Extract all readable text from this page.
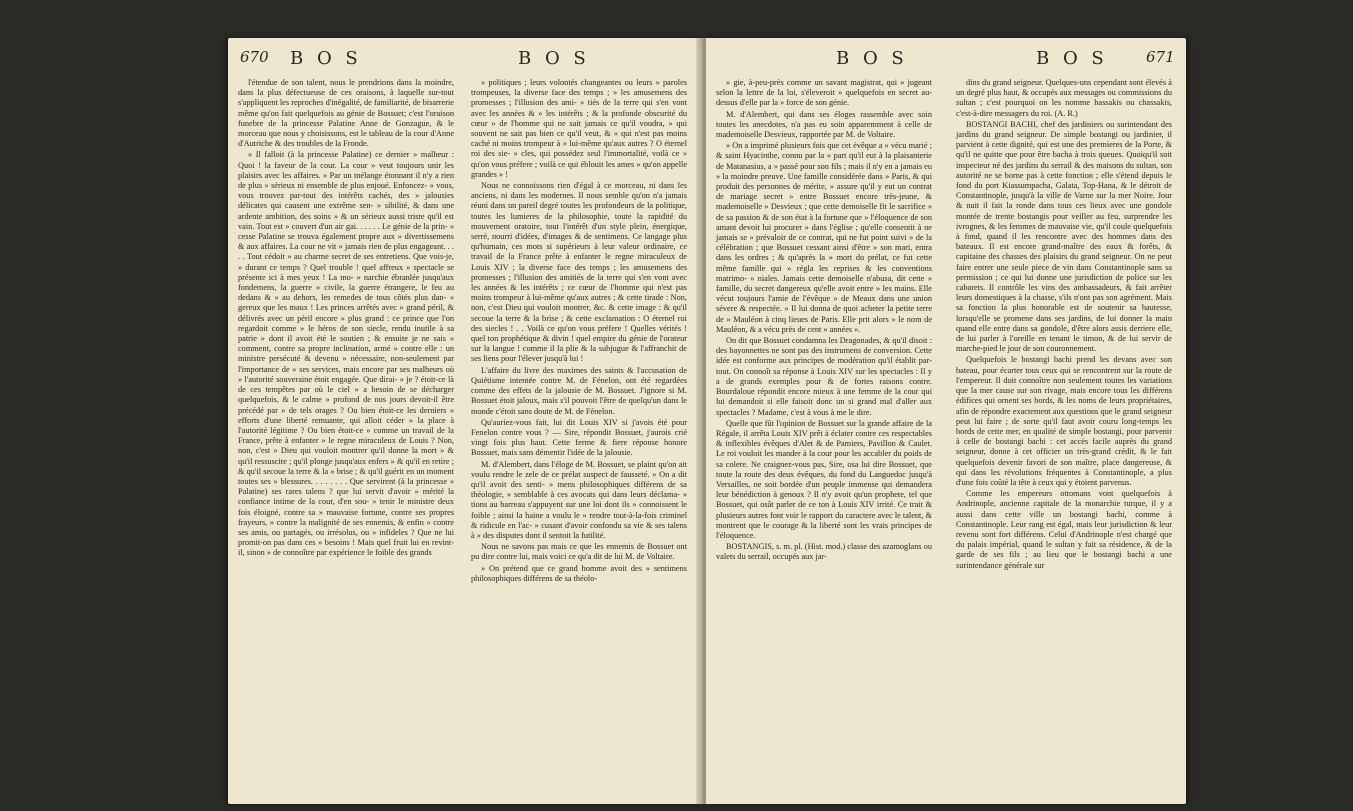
670 B O S	B O S

l'étendue de son talent, nous le prendrions dans la moindre, dans la plus défectueuse de ces oraisons, à laquelle sur-tout s'appliquent les reproches d'inégalité, de familiarité, de bisarrerie même qu'on fait quelquefois au génie de Bossuet; c'est l'oraison funebre de la princesse Palatine Anne de Gonzague, & le morceau que nous y choisissons, est le tableau de la cour d'Anne d'Autriche & des troubles de la Fronde.

» Il falloit (à la princesse Palatine) ce dernier » malheur : Quoi ! la faveur de la cour. La cour » veut toujours unir les plaisirs avec les affaires. » Par un mélange étonnant il n'y a rien de plus » sérieux ni ensemble de plus enjoué. Enfoncez- » vous, vous trouvez par-tout des intérêts cachés, des » jalousies délicates qui causent une extrême sen- » sibilité, & dans une ardente ambition, des soins » & un sérieux aussi triste qu'il est vain. Tout est » couvert d'un air gai. . . . . . Le génie de la prin- » cesse Palatine se trouva également propre aux » divertissemens & aux affaires. La cour ne vit » jamais rien de plus engageant. . . . . Tout cédoit » au charme secret de ses entretiens. Que vois-je, » durant ce temps ? Quel trouble ! quel affreux » spectacle se présente ici à mes yeux ! La mo- » narchie ébranlée jusqu'aux fondemens, la guerre » civile, la guerre étrangere, le feu au dedans & » au dehors, les remedes de tous côtés plus dan- » gereux que les maux ! Les princes arrêtés avec » grand péril, & délivrés avec un péril encore » plus grand : ce prince que l'on regardoit comme » le héros de son siecle, rendu inutile à sa patrie » dont il avoit été le soutien ; & ensuite je ne sais » comment, contre sa propre inclination, armé » contre elle : un ministre persécuté & devenu » nécessaire, non-seulement par l'importance de » ses services, mais encore par ses malheurs où » l'autorité souveraine étoit engagée. Que dirai- » je ? étoit-ce là de ces tempêtes par où le ciel » a besoin de se décharger quelquefois, & le calme » profond de nos jours devoit-il être précédé par » de tels orages ? Ou bien étoit-ce les derniers » efforts d'une liberté remuante, qui alloit céder » la place à l'autorité légitime ? Ou bien étoit-ce » comme un travail de la France, prête à enfanter » le regne miraculeux de Louis ? Non, non, c'est » Dieu qui vouloit montrer qu'il donne la mort » & qu'il ressuscite ; qu'il plonge jusqu'aux enfers » & qu'il en retire ; & qu'il secoue la terre & la » brise ; & qu'il guérit en un moment toutes ses » blessures. . . . . . . . Que servirent (à la princesse » Palatine) ses rares talens ? que lui servit d'avoir » mérité la confiance intime de la cour, d'en sou- » tenir le ministre deux fois éloigné, contre sa » mauvaise fortune, contre ses propres frayeurs, » contre la malignité de ses ennemis, & enfin » contre ses amis, ou partagés, ou irrésolus, ou » infideles ? Que ne lui promit-on pas dans ces » besoins ! Mais quel fruit lui en revint-il, sinon » de connoître par expérience le foible des grands

» politiques ; leurs volontés changeantes ou leurs » paroles trompeuses, la diverse face des temps ; » les amusemens des promesses ; l'illusion des ami- » tiés de la terre qui s'en vont avec les années & » les intérêts ; & la profonde obscurité du cœur » de l'homme qui ne sait jamais ce qu'il voudra, » qui souvent ne sait pas bien ce qu'il veut, & » qui n'est pas moins caché ni moins trompeur à » lui-même qu'aux autres ? O éternel roi des sie- » cles, qui possédez seul l'immortalité, voilà ce » qu'on vous préfere ; voilà ce qui éblouit les ames » qu'on appelle grandes » !

Nous ne connoissons rien d'égal à ce morceau, ni dans les anciens, ni dans les modernes. Il nous semble qu'on n'a jamais réuni dans un pareil degré toutes les profondeurs de la politique, toutes les lumieres de la philosophie, toute la rapidité du mouvement oratoire, tout l'intérêt d'un style plein, énergique, serré, nourri d'idées, d'images & de sentimens. Ce langage plus qu'humain, ces mots si supérieurs à leur valeur ordinaire, ce travail de la France prête à enfanter le regne miraculeux de Louis XIV ; la diverse face des temps ; les amusemens des promesses ; l'illusion des amitiés de la terre qui s'en vont avec les années & les intérêts ; ce cœur de l'homme qui n'est pas moins trompeur à lui-même qu'aux autres ; & cette tirade : Non, non, c'est Dieu qui vouloit montrer, &c. & cette image : & qu'il secoue la terre & la brise ; & cette exclamation : O éternel roi des siecles ! . . Voilà ce qu'on vous préfere ! Quelles vérités ! quel ton prophétique & divin ! quel empire du génie de l'orateur sur la langue ! comme il la plie & la subjugue & l'affranchit de ses liens pour l'élever jusqu'à lui !

L'affaire du livre des maximes des saints & l'accusation de Quiétisme intentée contre M. de Fénelon, ont été regardées comme des effets de la jalousie de M. Bossuet. J'ignore si M. Bossuet étoit jaloux, mais s'il pouvoit l'être de quelqu'un dans le monde c'étoit sans doute de M. de Fénelon.

Qu'auriez-vous fait, lui dit Louis XIV si j'avois été pour Fenelon contre vous ? — Sire, répondit Bossuet, j'aurois crié vingt fois plus haut. Cette ferme & fiere réponse honore Bossuet, mais sans démentir l'idée de la jalousie.

M. d'Alembert, dans l'éloge de M. Bossuet, se plaint qu'on ait voulu rendre le zele de ce prélat suspect de fausseté. » On a dit qu'il avoit des senti- » mens philosophiques différens de sa théologie, » semblable à ces avocats qui dans leurs déclama- » tions au barreau s'appuyent sur une loi dont ils » connoissent le foible ; ainsi la haine a voulu le » rendre tout-à-la-fois criminel & ridicule en l'ac- » cusant d'avoir confondu sa vie & ses talens à » des disputes dont il sentoit la futilité.

Nous ne savons pas mais ce que les ennemis de Bossuet ont pu dire contre lui, mais voici ce qu'a dit de lui M. de Voltaire.

» On prétend que ce grand homme avoit des » sentimens philosophiques différens de sa théolo-

B O S	B O S	671

» gie, à-peu-près comme un savant magistrat, qui » jugeant selon la lettre de la loi, s'éleveroit » quelquefois en secret au-dessus d'elle par la » force de son génie.

M. d'Alembert, qui dans ses éloges rassemble avec soin toutes les anecdotes, n'a pas eu soin apparemment à celle de mademoiselle Desvieux, rapportée par M. de Voltaire.

» On a imprimé plusieurs fois que cet évêque a » vécu marié ; & saint Hyacinthe, connu par la » part qu'il eut à la plaisanterie de Matanasius, a » passé pour son fils ; mais il n'y en a jamais eu » la moindre preuve. Une famille considérée dans » Paris, & qui produit des personnes de mérite, » assure qu'il y eut un contrat de mariage secret » entre Bossuet encore très-jeune, & mademoiselle » Desvieux ; que cette demoiselle fit le sacrifice » de sa passion & de son état à la fortune que » l'éloquence de son amant devoit lui procurer » dans l'église ; qu'elle consentit à ne jamais se » prévaloir de ce contrat, qui ne fut point suivi » de la célébration ; que Bossuet cessant ainsi d'être » son mari, entra dans les ordres ; & qu'après la » mort du prélat, ce fut cette même famille qui » régla les reprises & les conventions matrimo- » niales. Jamais cette demoiselle n'abusa, dit cette » famille, du secret dangereux qu'elle avoit entre » les mains. Elle vécut toujours l'amie de l'évêque » de Meaux dans une union sévere & respectée. » Il lui donna de quoi acheter la petite terre de » Mauléon à cinq lieues de Paris. Elle prit alors » le nom de Mauléon, & a vécu près de cent » années ».

On dit que Bossuet condamna les Dragonades, & qu'il disoit : des bayonnettes ne sont pas des instrumens de conversion. Cette idée est conforme aux principes de modération qu'il établit par-tout. On connoît sa réponse à Louis XIV sur les spectacles : Il y a de grands exemples pour & de fortes raisons contre. Bourdaloue répondit encore mieux à une femme de la cour qui lui demandoit si elle faisoit donc un si grand mal d'aller aux spectacles ? Madame, c'est à vous à me le dire.

Quelle que fût l'opinion de Bossuet sur la grande affaire de la Régale, il arrêta Louis XIV prêt à éclater contre ces respectables & inflexibles évêques d'Alet & de Pamiers, Pavillon & Caulet. Le roi vouloit les mander à la cour pour les accabler du poids de sa colere. Ne craignez-vous pas, Sire, osa lui dire Bossuet, que toute la route des deux évêques, du fond du Languedoc jusqu'à Versailles, ne soit bordée d'un peuple immense qui demandera leur bénédiction à genoux ? Il n'y avoit qu'un prophete, tel que Bossuet, qui osât parler de ce ton à Louis XIV irrité. Ce trait & plusieurs autres font voir le rapport du caractere avec le talent, & montrent que le courage & la liberté sont les vrais principes de l'éloquence.

BOSTANGIS, s. m. pl. (Hist. mod.) classe des azamoglans ou valets du serrail, occupés aux jar-

dins du grand seigneur. Quelques-uns cependant sont élevés à un degré plus haut, & occupés aux messages ou commissions du sultan ; c'est pourquoi on les nomme hassakis ou chassakis, c'est-à-dire messagers du roi. (A. R.)

BOSTANGI BACHI, chef des jardiniers ou surintendant des jardins du grand seigneur. De simple bostangi ou jardinier, il parvient à cette dignité, qui est une des premieres de la Porte, & qu'il ne quitte que pour être bacha à trois queues. Quoiqu'il soit inspecteur né des jardins du serrail & des maisons du sultan, son autorité ne se borne pas à cette fonction ; elle s'étend depuis le fond du port Kiassumpacha, Galata, Top-Hana, & le détroit de Constantinople, jusqu'à la ville de Varne sur la mer Noire. Jour & nuit il fait la ronde dans tous ces lieux avec une gondole montée de trente bostangis pour veiller au feu, surprendre les ivrognes, & les femmes de mauvaise vie, qu'il coule quelquefois à fond, quand il les rencontre avec des hommes dans des bateaux. Il est encore grand-maître des eaux & forêts, & capitaine des chasses des plaisirs du grand seigneur. On ne peut faire entrer une seule piece de vin dans Constantinople sans sa permission ; ce qui lui donne une jurisdiction de police sur les cabarets. Il contrôle les vins des ambassadeurs, & fait arrêter leurs domestiques à la chasse, s'ils n'ont pas son agrément. Mais sa fonction la plus honorable est de soutenir sa hautesse, lorsqu'elle se promene dans ses jardins, de lui donner la main quand elle entre dans sa gondole, d'être alors assis derriere elle, de lui parler à l'oreille en tenant le timon, & de lui servir de marche-pied le jour de son couronnement.

Quelquefois le bostangi bachi prend les devans avec son bateau, pour écarter tous ceux qui se rencontrent sur la route de l'empereur. Il doit connoître non seulement toutes les variations que la mer cause sur son rivage, mais encore tous les différens édifices qui ornent ses bords, & les noms de leurs propriétaires, afin de répondre exactement aux questions que le grand seigneur peut lui faire ; de sorte qu'il faut avoir couru long-temps les bords de cette mer, en qualité de simple bostangi, pour parvenir à celle de bostangi bachi : cet accès facile auprès du grand seigneur, donne à cet officier un très-grand crédit, & le fait quelquefois devenir favori de son maître, place dangereuse, & qui dans les révolutions fréquentes à Constantinople, a plus d'une fois coûté la tête à ceux qui y étoient parvenus.

Comme les empereurs ottomans vont quelquefois à Andrinople, ancienne capitale de la monarchie turque, il y a aussi dans cette ville un bostangi bachi, comme à Constantinople. Leur rang est égal, mais leur jurisdiction & leur revenu sont fort différens. Celui d'Andrinople n'est chargé que du palais impérial, quand le sultan y fait sa résidence, & de la garde de ses fils ; au lieu que le bostangi bachi a une surintendance générale sur
